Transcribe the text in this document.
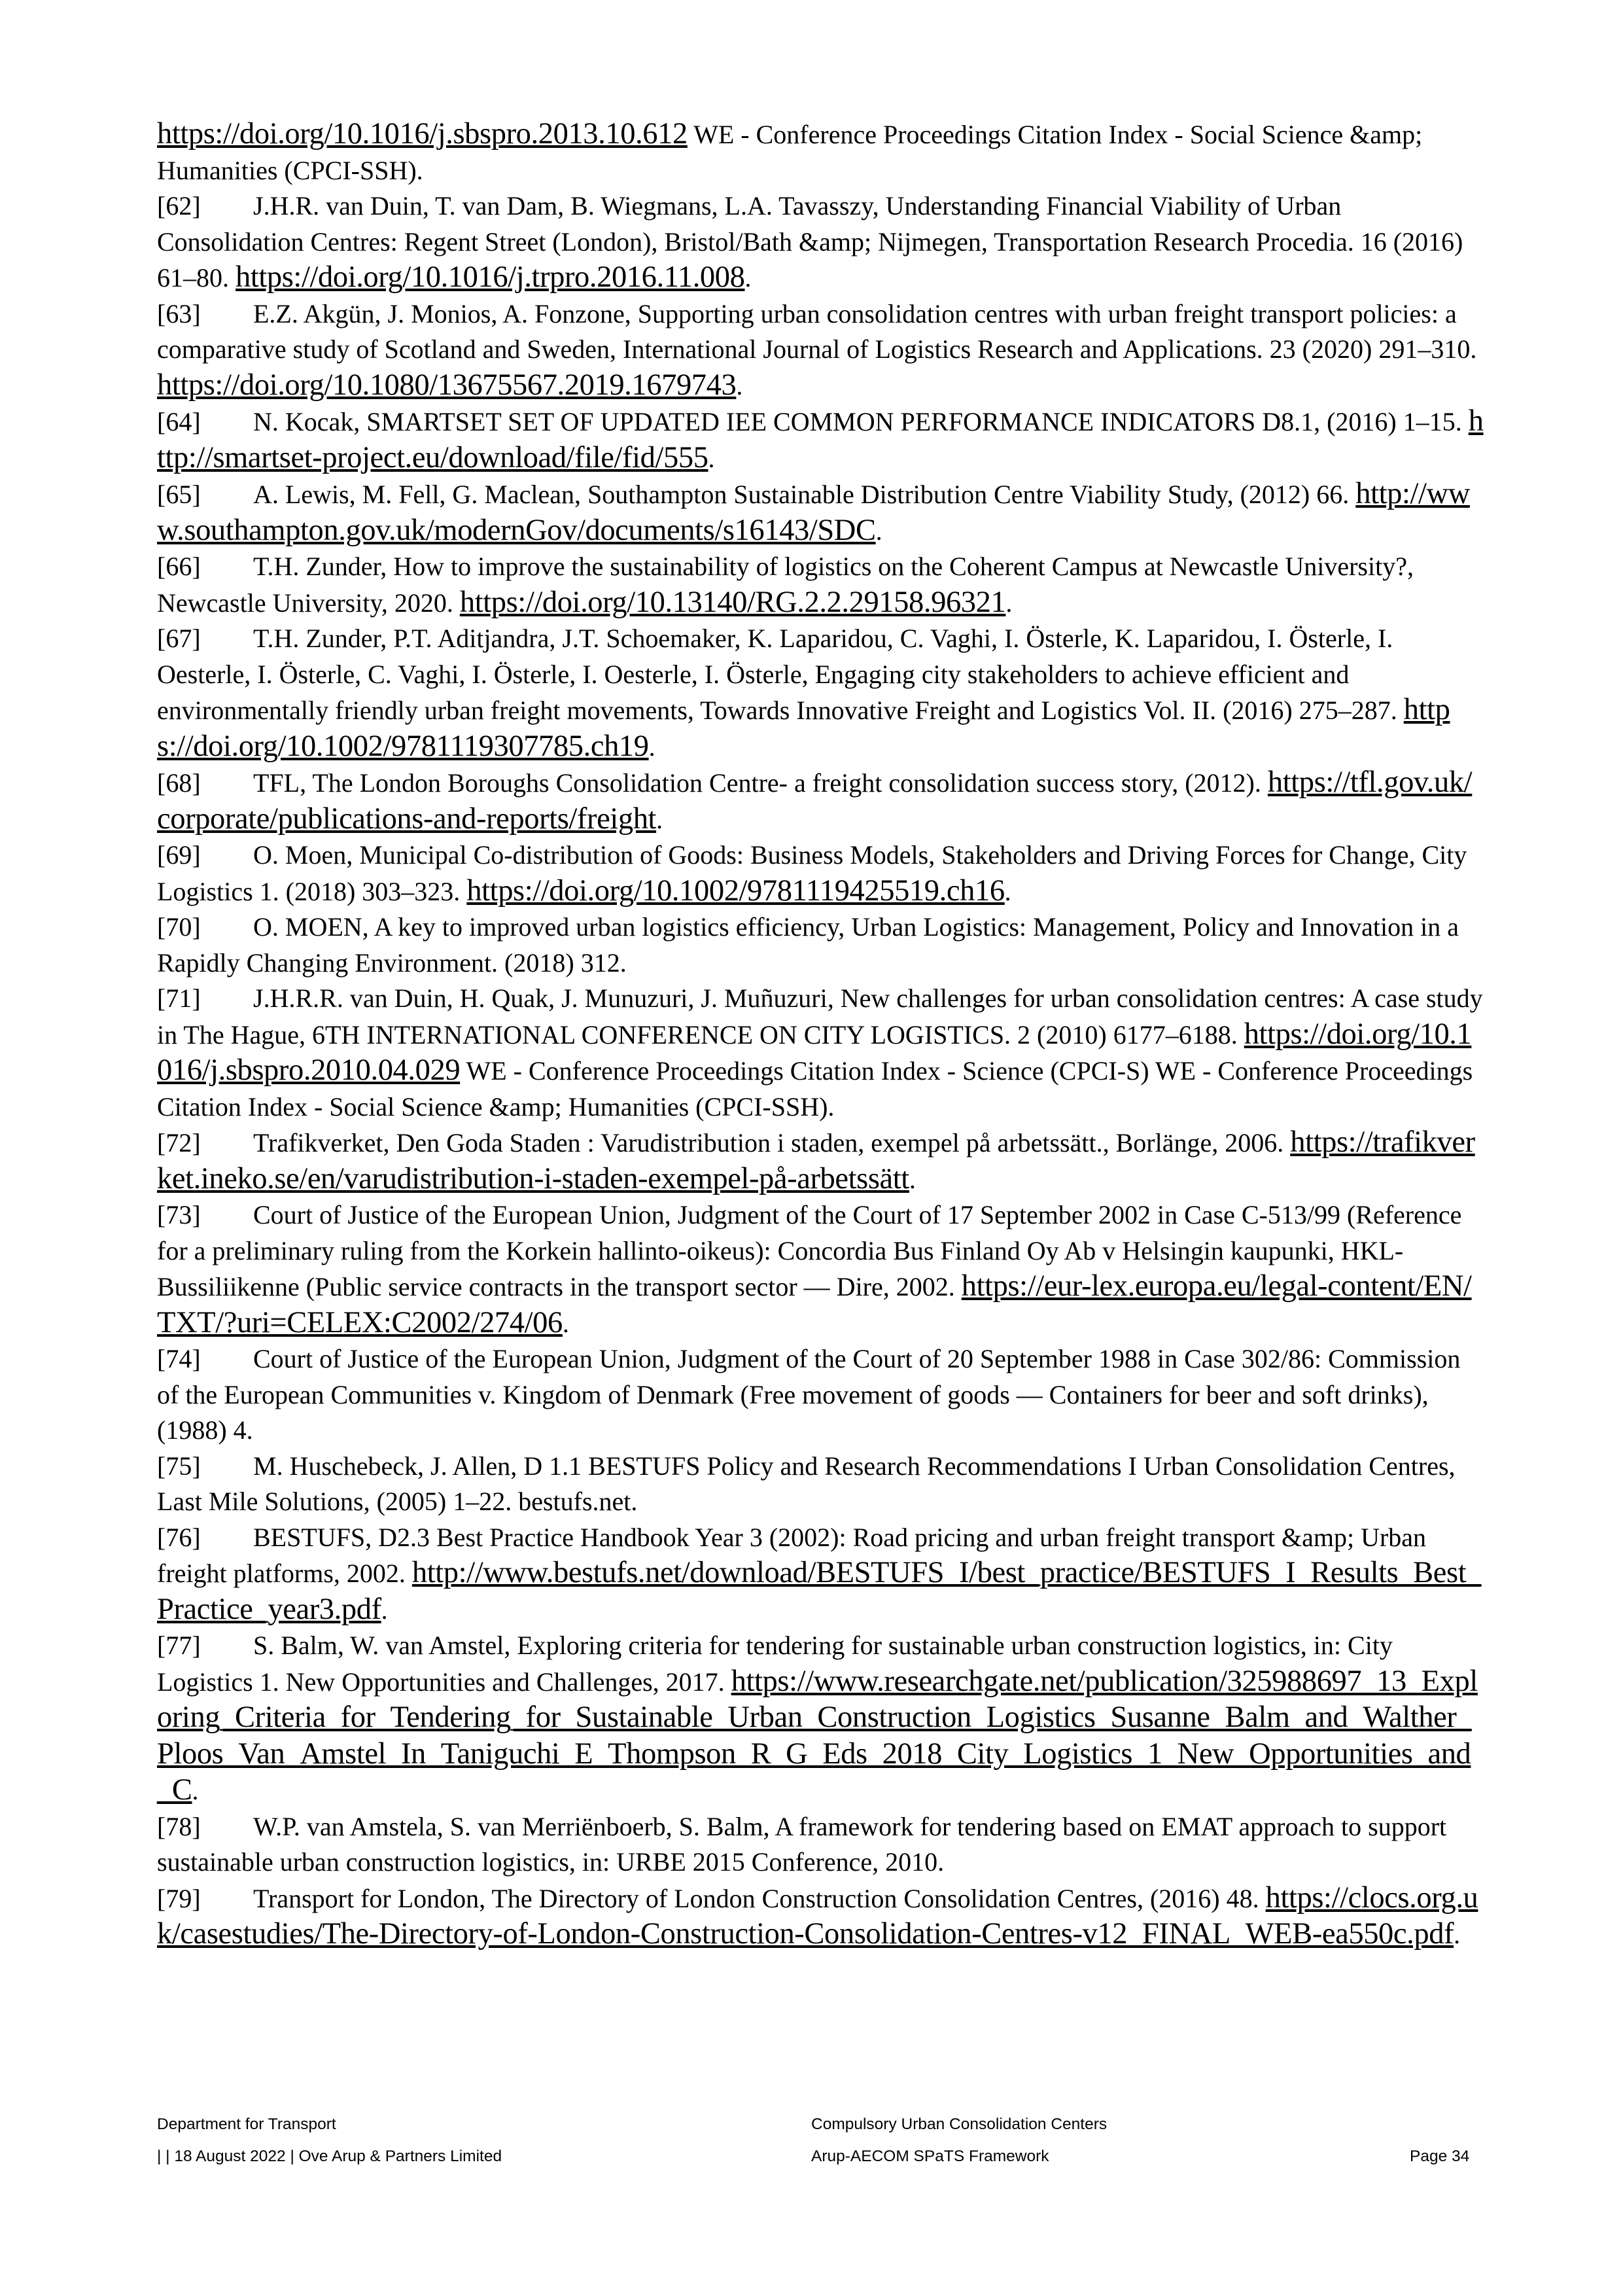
https://doi.org/10.1016/j.sbspro.2013.10.612 WE - Conference Proceedings Citation Index - Social Science &amp; Humanities (CPCI-SSH).
[62] J.H.R. van Duin, T. van Dam, B. Wiegmans, L.A. Tavasszy, Understanding Financial Viability of Urban Consolidation Centres: Regent Street (London), Bristol/Bath &amp; Nijmegen, Transportation Research Procedia. 16 (2016) 61–80. https://doi.org/10.1016/j.trpro.2016.11.008.
[63] E.Z. Akgün, J. Monios, A. Fonzone, Supporting urban consolidation centres with urban freight transport policies: a comparative study of Scotland and Sweden, International Journal of Logistics Research and Applications. 23 (2020) 291–310. https://doi.org/10.1080/13675567.2019.1679743.
[64] N. Kocak, SMARTSET SET OF UPDATED IEE COMMON PERFORMANCE INDICATORS D8.1, (2016) 1–15. http://smartset-project.eu/download/file/fid/555.
[65] A. Lewis, M. Fell, G. Maclean, Southampton Sustainable Distribution Centre Viability Study, (2012) 66. http://www.southampton.gov.uk/modernGov/documents/s16143/SDC.
[66] T.H. Zunder, How to improve the sustainability of logistics on the Coherent Campus at Newcastle University?, Newcastle University, 2020. https://doi.org/10.13140/RG.2.2.29158.96321.
[67] T.H. Zunder, P.T. Aditjandra, J.T. Schoemaker, K. Laparidou, C. Vaghi, I. Österle, K. Laparidou, I. Österle, I. Oesterle, I. Österle, C. Vaghi, I. Österle, I. Oesterle, I. Österle, Engaging city stakeholders to achieve efficient and environmentally friendly urban freight movements, Towards Innovative Freight and Logistics Vol. II. (2016) 275–287. https://doi.org/10.1002/9781119307785.ch19.
[68] TFL, The London Boroughs Consolidation Centre- a freight consolidation success story, (2012). https://tfl.gov.uk/corporate/publications-and-reports/freight.
[69] O. Moen, Municipal Co-distribution of Goods: Business Models, Stakeholders and Driving Forces for Change, City Logistics 1. (2018) 303–323. https://doi.org/10.1002/9781119425519.ch16.
[70] O. MOEN, A key to improved urban logistics efficiency, Urban Logistics: Management, Policy and Innovation in a Rapidly Changing Environment. (2018) 312.
[71] J.H.R.R. van Duin, H. Quak, J. Munuzuri, J. Muñuzuri, New challenges for urban consolidation centres: A case study in The Hague, 6TH INTERNATIONAL CONFERENCE ON CITY LOGISTICS. 2 (2010) 6177–6188. https://doi.org/10.1016/j.sbspro.2010.04.029 WE - Conference Proceedings Citation Index - Science (CPCI-S) WE - Conference Proceedings Citation Index - Social Science &amp; Humanities (CPCI-SSH).
[72] Trafikverket, Den Goda Staden : Varudistribution i staden, exempel på arbetssätt., Borlänge, 2006. https://trafikverket.ineko.se/en/varudistribution-i-staden-exempel-på-arbetssätt.
[73] Court of Justice of the European Union, Judgment of the Court of 17 September 2002 in Case C-513/99 (Reference for a preliminary ruling from the Korkein hallinto-oikeus): Concordia Bus Finland Oy Ab v Helsingin kaupunki, HKL-Bussiliikenne (Public service contracts in the transport sector — Dire, 2002. https://eur-lex.europa.eu/legal-content/EN/TXT/?uri=CELEX:C2002/274/06.
[74] Court of Justice of the European Union, Judgment of the Court of 20 September 1988 in Case 302/86: Commission of the European Communities v. Kingdom of Denmark (Free movement of goods — Containers for beer and soft drinks), (1988) 4.
[75] M. Huschebeck, J. Allen, D 1.1 BESTUFS Policy and Research Recommendations I Urban Consolidation Centres, Last Mile Solutions, (2005) 1–22. bestufs.net.
[76] BESTUFS, D2.3 Best Practice Handbook Year 3 (2002): Road pricing and urban freight transport &amp; Urban freight platforms, 2002. http://www.bestufs.net/download/BESTUFS_I/best_practice/BESTUFS_I_Results_Best_Practice_year3.pdf.
[77] S. Balm, W. van Amstel, Exploring criteria for tendering for sustainable urban construction logistics, in: City Logistics 1. New Opportunities and Challenges, 2017. https://www.researchgate.net/publication/325988697_13_Exploring_Criteria_for_Tendering_for_Sustainable_Urban_Construction_Logistics_Susanne_Balm_and_Walther_Ploos_Van_Amstel_In_Taniguchi_E_Thompson_R_G_Eds_2018_City_Logistics_1_New_Opportunities_and_C.
[78] W.P. van Amstela, S. van Merriënboerb, S. Balm, A framework for tendering based on EMAT approach to support sustainable urban construction logistics, in: URBE 2015 Conference, 2010.
[79] Transport for London, The Directory of London Construction Consolidation Centres, (2016) 48. https://clocs.org.uk/casestudies/The-Directory-of-London-Construction-Consolidation-Centres-v12_FINAL_WEB-ea550c.pdf.
Department for Transport	Compulsory Urban Consolidation Centers
| | 18 August 2022 | Ove Arup & Partners Limited	Arup-AECOM SPaTS Framework	Page 34
